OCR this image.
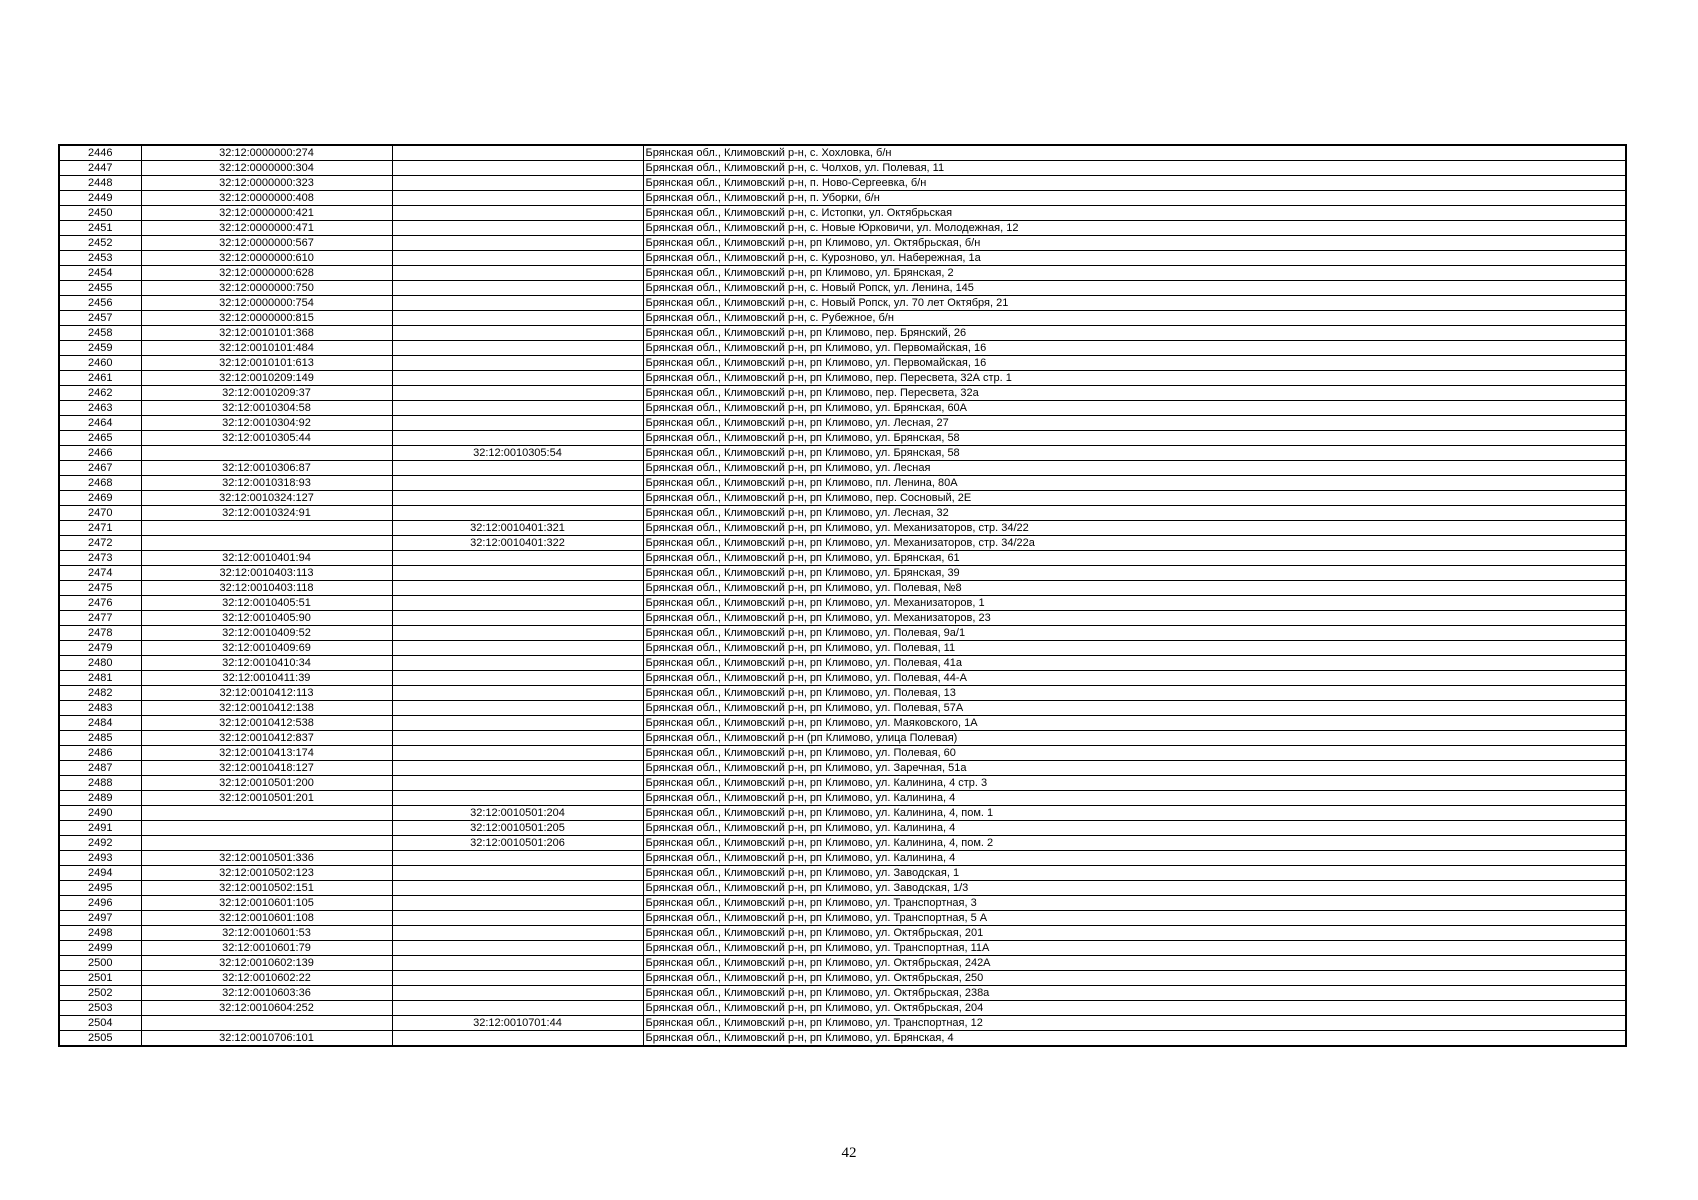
2446	32:12:0000000:274		Брянская обл., Климовский р-н, с. Хохловка, б/н
2447	32:12:0000000:304		Брянская обл., Климовский р-н, с. Чолхов, ул. Полевая, 11
2448	32:12:0000000:323		Брянская обл., Климовский р-н, п. Ново-Сергеевка, б/н
2449	32:12:0000000:408		Брянская обл., Климовский р-н, п. Уборки, б/н
2450	32:12:0000000:421		Брянская обл., Климовский р-н, с. Истопки, ул. Октябрьская
2451	32:12:0000000:471		Брянская обл., Климовский р-н, с. Новые Юрковичи, ул. Молодежная, 12
2452	32:12:0000000:567		Брянская обл., Климовский р-н, рп Климово, ул. Октябрьская, б/н
2453	32:12:0000000:610		Брянская обл., Климовский р-н, с. Курозново, ул. Набережная, 1а
2454	32:12:0000000:628		Брянская обл., Климовский р-н, рп Климово, ул. Брянская, 2
2455	32:12:0000000:750		Брянская обл., Климовский р-н, с. Новый Ропск, ул. Ленина, 145
2456	32:12:0000000:754		Брянская обл., Климовский р-н, с. Новый Ропск, ул. 70 лет Октября, 21
2457	32:12:0000000:815		Брянская обл., Климовский р-н, с. Рубежное, б/н
2458	32:12:0010101:368		Брянская обл., Климовский р-н, рп Климово, пер. Брянский, 26
2459	32:12:0010101:484		Брянская обл., Климовский р-н, рп Климово, ул. Первомайская, 16
2460	32:12:0010101:613		Брянская обл., Климовский р-н, рп Климово, ул. Первомайская, 16
2461	32:12:0010209:149		Брянская обл., Климовский р-н, рп Климово, пер. Пересвета, 32А стр. 1
2462	32:12:0010209:37		Брянская обл., Климовский р-н, рп Климово, пер. Пересвета, 32а
2463	32:12:0010304:58		Брянская обл., Климовский р-н, рп Климово, ул. Брянская, 60А
2464	32:12:0010304:92		Брянская обл., Климовский р-н, рп Климово, ул. Лесная, 27
2465	32:12:0010305:44		Брянская обл., Климовский р-н, рп Климово, ул. Брянская, 58
2466		32:12:0010305:54	Брянская обл., Климовский р-н, рп Климово, ул. Брянская, 58
2467	32:12:0010306:87		Брянская обл., Климовский р-н, рп Климово, ул. Лесная
2468	32:12:0010318:93		Брянская обл., Климовский р-н, рп Климово, пл. Ленина, 80А
2469	32:12:0010324:127		Брянская обл., Климовский р-н, рп Климово, пер. Сосновый, 2Е
2470	32:12:0010324:91		Брянская обл., Климовский р-н, рп Климово, ул. Лесная, 32
2471		32:12:0010401:321	Брянская обл., Климовский р-н, рп Климово, ул. Механизаторов, стр. 34/22
2472		32:12:0010401:322	Брянская обл., Климовский р-н, рп Климово, ул. Механизаторов, стр. 34/22а
2473	32:12:0010401:94		Брянская обл., Климовский р-н, рп Климово, ул. Брянская, 61
2474	32:12:0010403:113		Брянская обл., Климовский р-н, рп Климово, ул. Брянская, 39
2475	32:12:0010403:118		Брянская обл., Климовский р-н, рп Климово, ул. Полевая, №8
2476	32:12:0010405:51		Брянская обл., Климовский р-н, рп Климово, ул. Механизаторов, 1
2477	32:12:0010405:90		Брянская обл., Климовский р-н, рп Климово, ул. Механизаторов, 23
2478	32:12:0010409:52		Брянская обл., Климовский р-н, рп Климово, ул. Полевая, 9а/1
2479	32:12:0010409:69		Брянская обл., Климовский р-н, рп Климово, ул. Полевая, 11
2480	32:12:0010410:34		Брянская обл., Климовский р-н, рп Климово, ул. Полевая, 41а
2481	32:12:0010411:39		Брянская обл., Климовский р-н, рп Климово, ул. Полевая, 44-А
2482	32:12:0010412:113		Брянская обл., Климовский р-н, рп Климово, ул. Полевая, 13
2483	32:12:0010412:138		Брянская обл., Климовский р-н, рп Климово, ул. Полевая, 57А
2484	32:12:0010412:538		Брянская обл., Климовский р-н, рп Климово, ул. Маяковского, 1А
2485	32:12:0010412:837		Брянская обл., Климовский р-н (рп Климово, улица Полевая)
2486	32:12:0010413:174		Брянская обл., Климовский р-н, рп Климово, ул. Полевая, 60
2487	32:12:0010418:127		Брянская обл., Климовский р-н, рп Климово, ул. Заречная, 51а
2488	32:12:0010501:200		Брянская обл., Климовский р-н, рп Климово, ул. Калинина, 4 стр. 3
2489	32:12:0010501:201		Брянская обл., Климовский р-н, рп Климово, ул. Калинина, 4
2490		32:12:0010501:204	Брянская обл., Климовский р-н, рп Климово, ул. Калинина, 4, пом. 1
2491		32:12:0010501:205	Брянская обл., Климовский р-н, рп Климово, ул. Калинина, 4
2492		32:12:0010501:206	Брянская обл., Климовский р-н, рп Климово, ул. Калинина, 4, пом. 2
2493	32:12:0010501:336		Брянская обл., Климовский р-н, рп Климово, ул. Калинина, 4
2494	32:12:0010502:123		Брянская обл., Климовский р-н, рп Климово, ул. Заводская, 1
2495	32:12:0010502:151		Брянская обл., Климовский р-н, рп Климово, ул. Заводская, 1/3
2496	32:12:0010601:105		Брянская обл., Климовский р-н, рп Климово, ул. Транспортная, 3
2497	32:12:0010601:108		Брянская обл., Климовский р-н, рп Климово, ул. Транспортная, 5 А
2498	32:12:0010601:53		Брянская обл., Климовский р-н, рп Климово, ул. Октябрьская, 201
2499	32:12:0010601:79		Брянская обл., Климовский р-н, рп Климово, ул. Транспортная, 11А
2500	32:12:0010602:139		Брянская обл., Климовский р-н, рп Климово, ул. Октябрьская, 242А
2501	32:12:0010602:22		Брянская обл., Климовский р-н, рп Климово, ул. Октябрьская, 250
2502	32:12:0010603:36		Брянская обл., Климовский р-н, рп Климово, ул. Октябрьская, 238а
2503	32:12:0010604:252		Брянская обл., Климовский р-н, рп Климово, ул. Октябрьская, 204
2504		32:12:0010701:44	Брянская обл., Климовский р-н, рп Климово, ул. Транспортная, 12
2505	32:12:0010706:101		Брянская обл., Климовский р-н, рп Климово, ул. Брянская, 4
42
